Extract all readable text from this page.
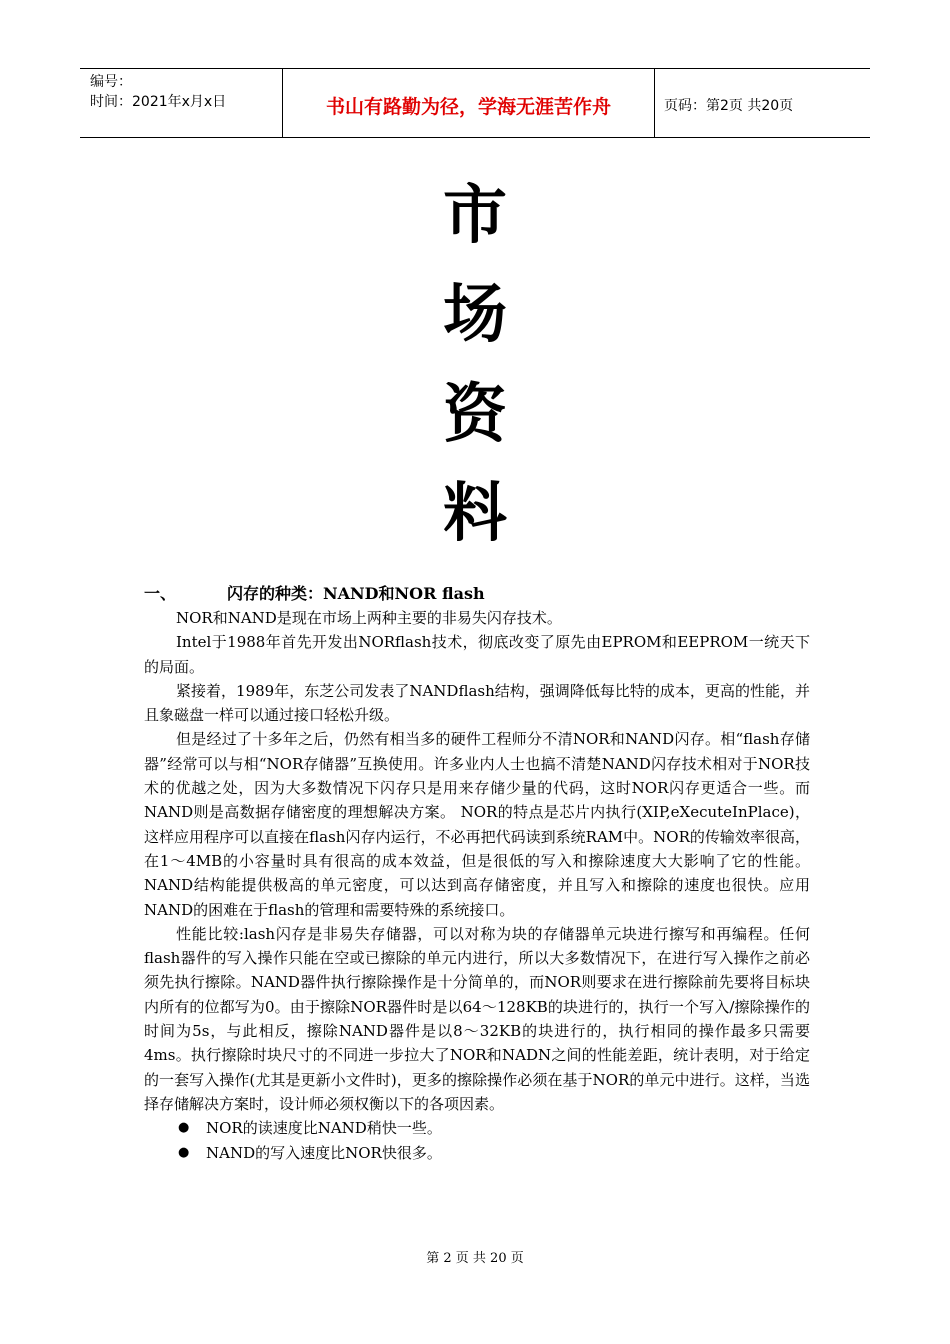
编号：
时间：2021年x月x日	书山有路勤为径，学海无涯苦作舟	页码：第2页 共20页
市
场
资
料
一、	闪存的种类：NAND和NOR flash

NOR和NAND是现在市场上两种主要的非易失闪存技术。

Intel于1988年首先开发出NORflash技术，彻底改变了原先由EPROM和EEPROM一统天下的局面。

紧接着，1989年，东芝公司发表了NANDflash结构，强调降低每比特的成本，更高的性能，并且象磁盘一样可以通过接口轻松升级。

但是经过了十多年之后，仍然有相当多的硬件工程师分不清NOR和NAND闪存。相“flash存储器”经常可以与相“NOR存储器”互换使用。许多业内人士也搞不清楚NAND闪存技术相对于NOR技术的优越之处，因为大多数情况下闪存只是用来存储少量的代码，这时NOR闪存更适合一些。而NAND则是高数据存储密度的理想解决方案。 NOR的特点是芯片内执行(XIP,eXecuteInPlace)，这样应用程序可以直接在flash闪存内运行，不必再把代码读到系统RAM中。NOR的传输效率很高，在1～4MB的小容量时具有很高的成本效益，但是很低的写入和擦除速度大大影响了它的性能。 NAND结构能提供极高的单元密度，可以达到高存储密度，并且写入和擦除的速度也很快。应用NAND的困难在于flash的管理和需要特殊的系统接口。

性能比较:lash闪存是非易失存储器，可以对称为块的存储器单元块进行擦写和再编程。任何flash器件的写入操作只能在空或已擦除的单元内进行，所以大多数情况下，在进行写入操作之前必须先执行擦除。NAND器件执行擦除操作是十分简单的，而NOR则要求在进行擦除前先要将目标块内所有的位都写为0。由于擦除NOR器件时是以64～128KB的块进行的，执行一个写入/擦除操作的时间为5s，与此相反，擦除NAND器件是以8～32KB的块进行的，执行相同的操作最多只需要4ms。执行擦除时块尺寸的不同进一步拉大了NOR和NADN之间的性能差距，统计表明，对于给定的一套写入操作(尤其是更新小文件时)，更多的擦除操作必须在基于NOR的单元中进行。这样，当选择存储解决方案时，设计师必须权衡以下的各项因素。

● NOR的读速度比NAND稍快一些。

● NAND的写入速度比NOR快很多。

第 2 页 共 20 页
